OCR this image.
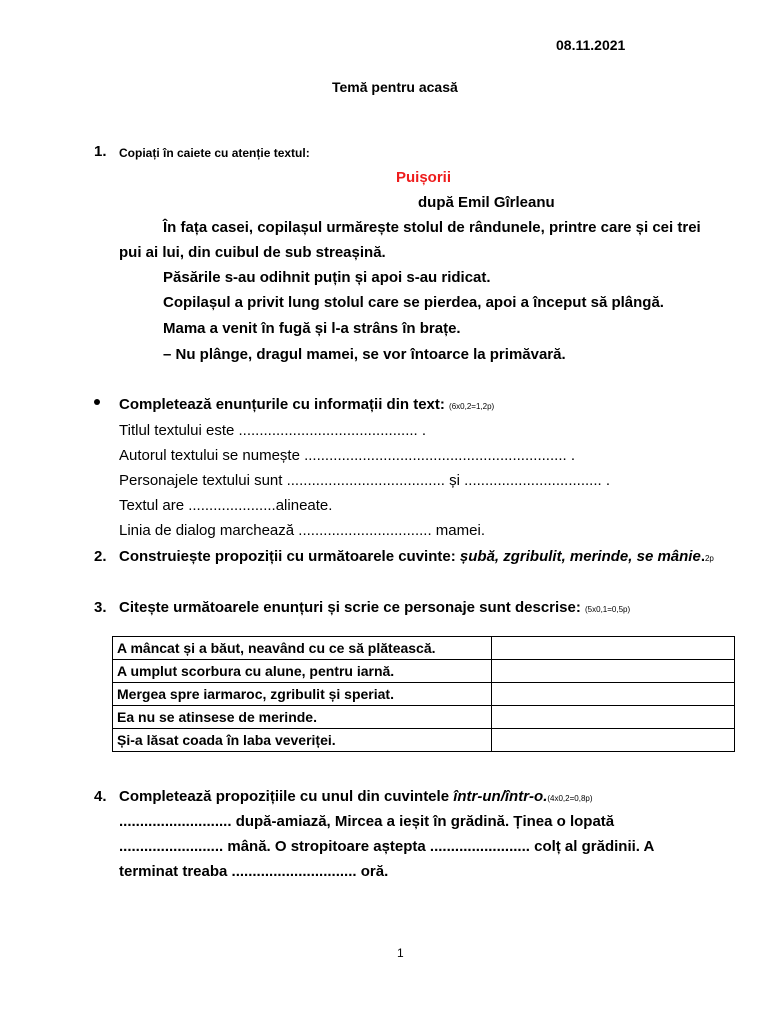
08.11.2021
Temă pentru acasă
1. Copiați în caiete cu atenție textul:
Puișorii
după Emil Gîrleanu
În fața casei, copilașul urmărește stolul de rândunele, printre care și cei trei
pui ai lui, din cuibul de sub streașină.
Păsările s-au odihnit puțin și apoi s-au ridicat.
Copilașul a privit lung stolul care se pierdea, apoi a început să plângă.
Mama a venit în fugă și l-a strâns în brațe.
– Nu plânge, dragul mamei, se vor întoarce la primăvară.
Completează enunțurile cu informații din text: (6x0,2=1,2p)
Titlul textului este ........................................... .
Autorul textului se numește ............................................................... .
Personajele textului sunt ...................................... și ................................. .
Textul are .....................alineate.
Linia de dialog marchează ................................ mamei.
2. Construiește propoziții cu următoarele cuvinte: șubă, zgribulit, merinde, se mânie.2p
3. Citește următoarele enunțuri și scrie ce personaje sunt descrise: (5x0,1=0,5p)
A mâncat și a băut, neavând cu ce să plătească.	
A umplut scorbura cu alune, pentru iarnă.	
Mergea spre iarmaroc, zgribulit și speriat.	
Ea nu se atinsese de merinde.	
Și-a lăsat coada în laba veveriței.	
4. Completează propozițiile cu unul din cuvintele într-un/într-o.(4x0,2=0,8p)
........................... după-amiază, Mircea a ieșit în grădină. Ținea o lopată
......................... mână. O stropitoare aștepta ........................ colț al grădinii. A
terminat treaba .............................. oră.
1
